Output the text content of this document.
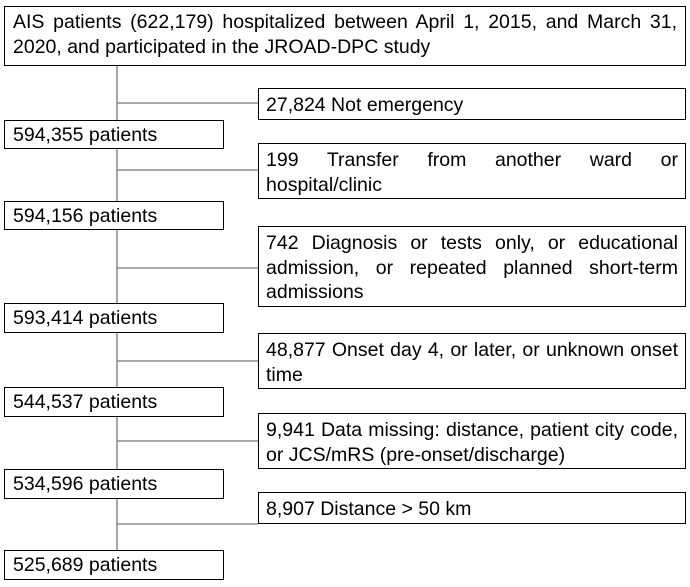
AIS patients (622,179) hospitalized between April 1, 2015, and March 31, 2020, and participated in the JROAD-DPC study
27,824 Not emergency
594,355 patients
199 Transfer from another ward or hospital/clinic
594,156 patients
742 Diagnosis or tests only, or educational admission, or repeated planned short-term admissions
593,414 patients
48,877 Onset day 4, or later, or unknown onset time
544,537 patients
9,941 Data missing: distance, patient city code, or JCS/mRS (pre-onset/discharge)
534,596 patients
8,907 Distance > 50 km
525,689 patients
